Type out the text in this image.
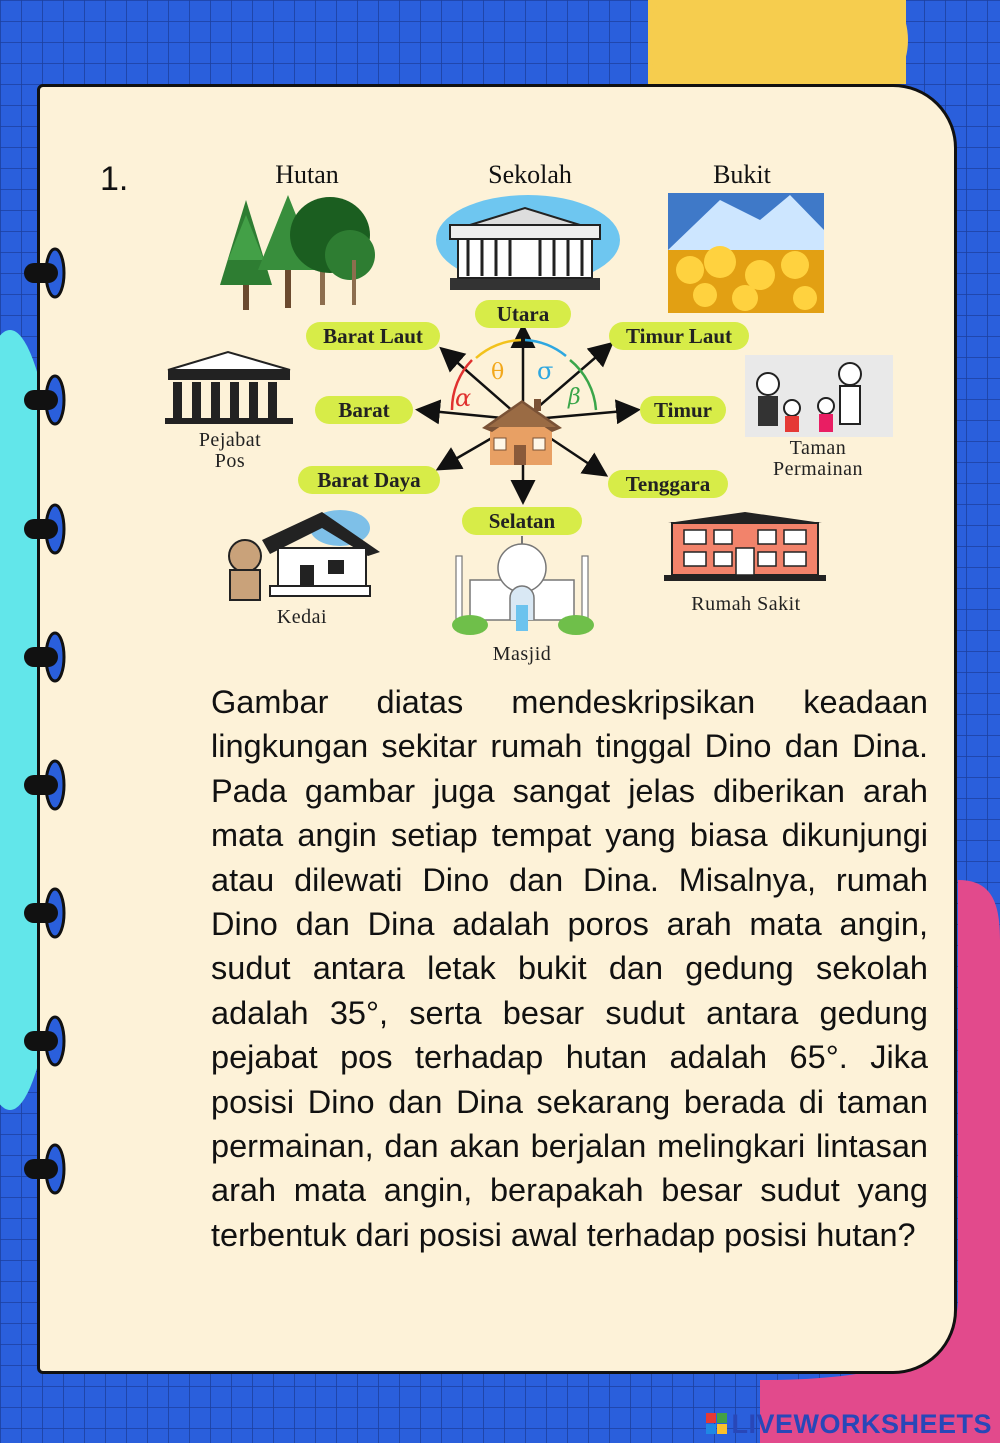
1.
α
θ σ
β
Hutan	Sekolah	Bukit
Pejabat
Pos
Taman
Permainan
Kedai
Masjid
Rumah Sakit
Utara
Timur Laut
Timur
Tenggara
Selatan
Barat Daya
Barat
Barat Laut
Gambar diatas mendeskripsikan keadaan lingkungan sekitar rumah tinggal Dino dan Dina. Pada gambar juga sangat jelas diberikan arah mata angin setiap tempat yang biasa dikunjungi atau dilewati Dino dan Dina. Misalnya, rumah Dino dan Dina adalah poros arah mata angin, sudut antara letak bukit dan gedung sekolah adalah 35°, serta besar sudut antara gedung pejabat pos terhadap hutan adalah 65°. Jika posisi Dino dan Dina sekarang berada di taman permainan, dan akan berjalan melingkari lintasan arah mata angin, berapakah besar sudut yang terbentuk dari posisi awal terhadap posisi hutan?
LIVEWORKSHEETS
